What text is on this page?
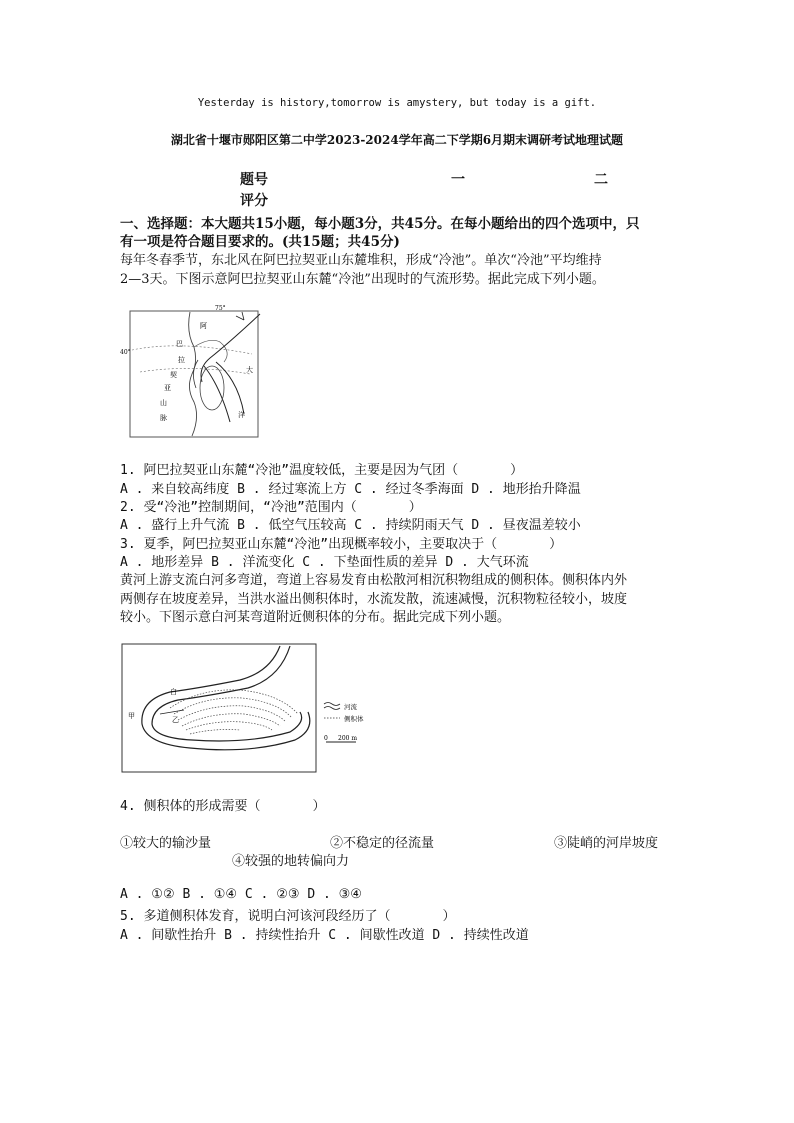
Yesterday is history,tomorrow is amystery, but today is a gift.
湖北省十堰市郧阳区第二中学2023-2024学年高二下学期6月期末调研考试地理试题
题号	一	二
评分
一、选择题：本大题共15小题，每小题3分，共45分。在每小题给出的四个选项中，只
有一项是符合题目要求的。(共15题；共45分)
每年冬春季节，东北风在阿巴拉契亚山东麓堆积，形成“冷池”。单次“冷池”平均维持
2—3天。下图示意阿巴拉契亚山东麓“冷池”出现时的气流形势。据此完成下列小题。
75°
40°
阿
巴
拉
契
亚
山
脉
大
洋
1. 阿巴拉契亚山东麓“冷池”温度较低，主要是因为气团（　　　　）
A . 来自较高纬度 B . 经过寒流上方 C . 经过冬季海面 D . 地形抬升降温
2. 受“冷池”控制期间，“冷池”范围内（　　　　）
A . 盛行上升气流 B . 低空气压较高 C . 持续阴雨天气 D . 昼夜温差较小
3. 夏季，阿巴拉契亚山东麓“冷池”出现概率较小，主要取决于（　　　　）
A . 地形差异 B . 洋流变化 C . 下垫面性质的差异 D . 大气环流
黄河上游支流白河多弯道，弯道上容易发育由松散河相沉积物组成的侧积体。侧积体内外
两侧存在坡度差异，当洪水溢出侧积体时，水流发散，流速减慢，沉积物粒径较小，坡度
较小。下图示意白河某弯道附近侧积体的分布。据此完成下列小题。
甲	乙
白
河流
侧积体
0 200 m
4. 侧积体的形成需要（　　　　）
①较大的输沙量	②不稳定的径流量	③陡峭的河岸坡度
④较强的地转偏向力
A . ①② B . ①④ C . ②③ D . ③④
5. 多道侧积体发育，说明白河该河段经历了（　　　　）
A . 间歇性抬升 B . 持续性抬升 C . 间歇性改道 D . 持续性改道
